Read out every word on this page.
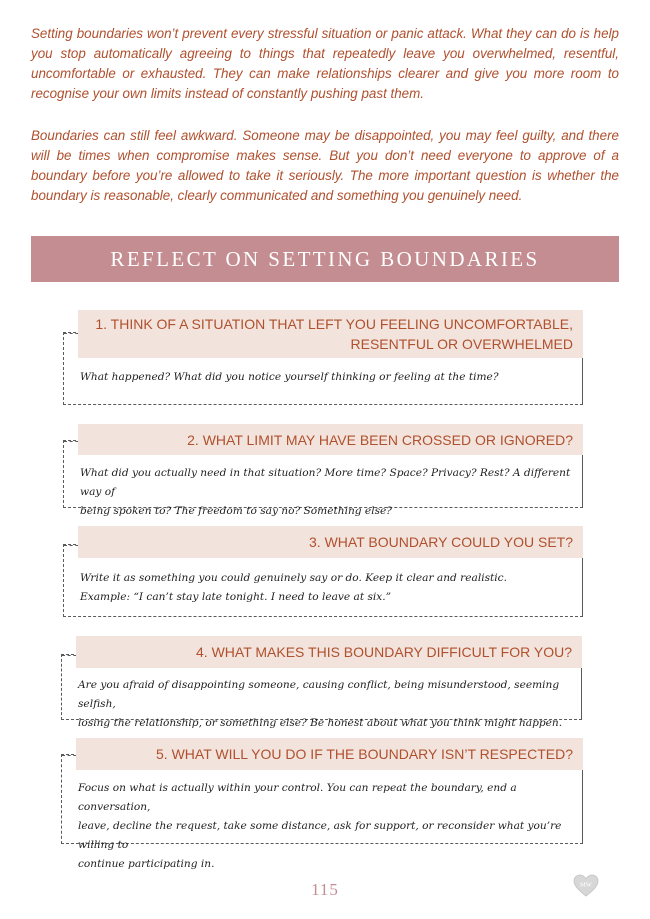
Setting boundaries won’t prevent every stressful situation or panic attack. What they can do is help you stop automatically agreeing to things that repeatedly leave you overwhelmed, resentful, uncomfortable or exhausted. They can make relationships clearer and give you more room to recognise your own limits instead of constantly pushing past them.

Boundaries can still feel awkward. Someone may be disappointed, you may feel guilty, and there will be times when compromise makes sense. But you don’t need everyone to approve of a boundary before you’re allowed to take it seriously. The more important question is whether the boundary is reasonable, clearly communicated and something you genuinely need.

REFLECT ON SETTING BOUNDARIES
1. THINK OF A SITUATION THAT LEFT YOU FEELING UNCOMFORTABLE,
RESENTFUL OR OVERWHELMED
What happened? What did you notice yourself thinking or feeling at the time?
2. WHAT LIMIT MAY HAVE BEEN CROSSED OR IGNORED?
What did you actually need in that situation? More time? Space? Privacy? Rest? A different way of
being spoken to? The freedom to say no? Something else?
3. WHAT BOUNDARY COULD YOU SET?
Write it as something you could genuinely say or do. Keep it clear and realistic.
Example: “I can’t stay late tonight. I need to leave at six.”
4. WHAT MAKES THIS BOUNDARY DIFFICULT FOR YOU?
Are you afraid of disappointing someone, causing conflict, being misunderstood, seeming selfish,
losing the relationship, or something else? Be honest about what you think might happen.
5. WHAT WILL YOU DO IF THE BOUNDARY ISN’T RESPECTED?
Focus on what is actually within your control. You can repeat the boundary, end a conversation,
leave, decline the request, take some distance, ask for support, or reconsider what you’re willing to
continue participating in.
115	MW
